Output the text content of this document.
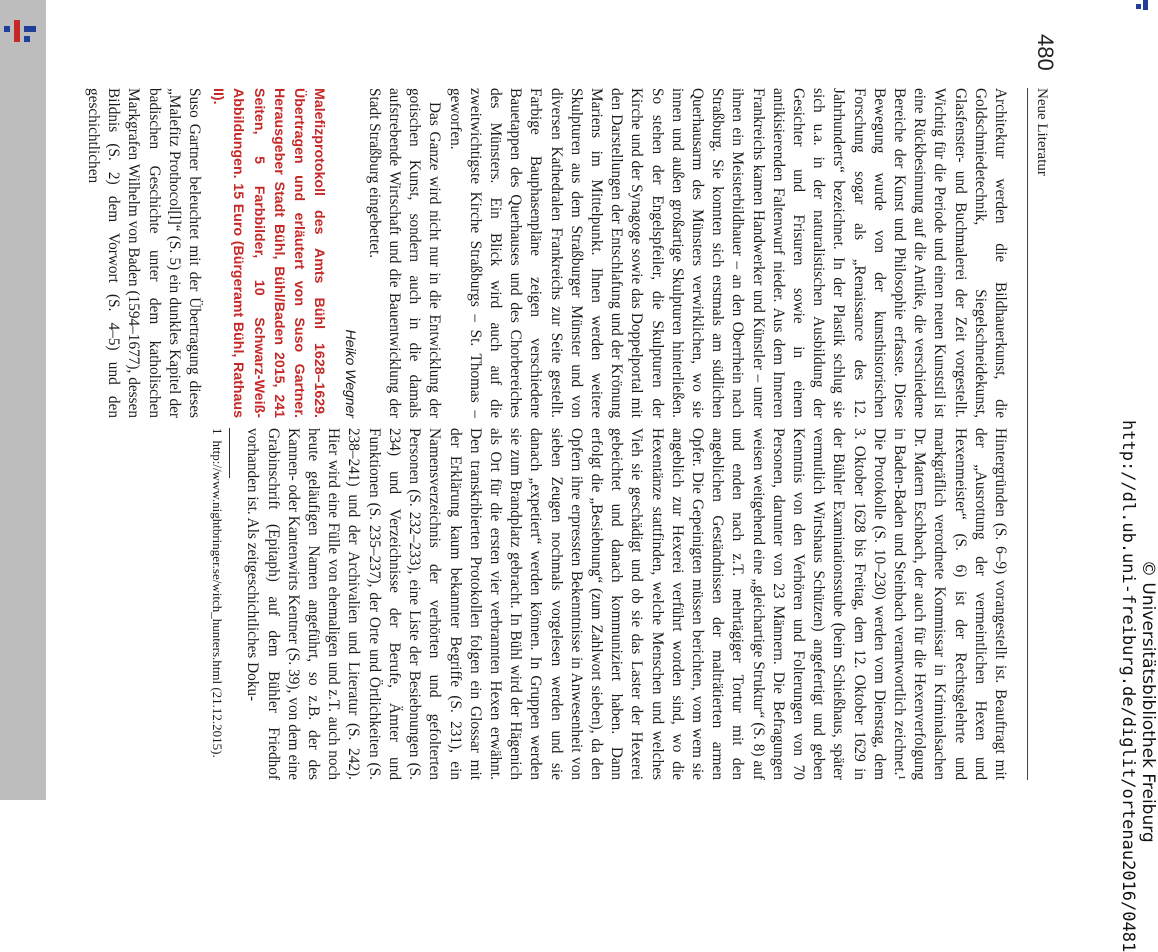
480
Neue Literatur

Architektur werden die Bildhauerkunst, die Goldschmiedetechnik, Siegelschneidekunst, Glasfenster- und Buchmalerei der Zeit vorgestellt. Wichtig für die Periode und einen neuen Kunststil ist eine Rückbesinnung auf die Antike, die verschiedene Bereiche der Kunst und Philosophie erfasste. Diese Bewegung wurde von der kunsthistorischen Forschung sogar als „Renaissance des 12. Jahrhunderts“ bezeichnet. In der Plastik schlug sie sich u.a. in der naturalistischen Ausbildung der Gesichter und Frisuren sowie in einem antikisierenden Faltenwurf nieder. Aus dem Inneren Frankreichs kamen Handwerker und Künstler – unter ihnen ein Meisterbildhauer – an den Oberrhein nach Straßburg. Sie konnten sich erstmals am südlichen Querhausarm des Münsters verwirklichen, wo sie innen und außen großartige Skulpturen hinterließen. So stehen der Engelspfeiler, die Skulpturen der Kirche und der Synagoge sowie das Doppelportal mit den Darstellungen der Entschlafung und der Krönung Mariens im Mittelpunkt. Ihnen werden weitere Skulpturen aus dem Straßburger Münster und von diversen Kathedralen Frankreichs zur Seite gestellt. Farbige Bauphasenpläne zeigen verschiedene Bauetappen des Querhauses und des Chorbereiches des Münsters. Ein Blick wird auch auf die zweitwichtigste Kirche Straßburgs – St. Thomas – geworfen.

Das Ganze wird nicht nur in die Entwicklung der gotischen Kunst, sondern auch in die damals aufstrebende Wirtschaft und die Bauentwicklung der Stadt Straßburg eingebettet.

Heiko Wegner
Malefizprotokoll des Amts Bühl 1628–1629. Übertragen und erläutert von Suso Gartner. Herausgeber Stadt Bühl, Bühl/Baden 2015, 241 Seiten, 5 Farbbilder, 10 Schwarz-Weiß-Abbildungen. 15 Euro (Bürgeramt Bühl, Rathaus II).

Suso Gartner beleuchtet mit der Übertragung dieses „Malefitz Prothocol[l]“ (S. 5) ein dunkles Kapitel der badischen Geschichte unter dem katholischen Markgrafen Wilhelm von Baden (1594–1677), dessen Bildnis (S. 2) dem Vorwort (S. 4–5) und den geschichtlichen

Hintergründen (S. 6–9) vorangestellt ist. Beauftragt mit der „Ausrottung der vermeintlichen Hexen und Hexenmeister“ (S. 6) ist der Rechtsgelehrte und markgräflich verordnete Kommissar in Kriminalsachen Dr. Matern Eschbach, der auch für die Hexenverfolgung in Baden-Baden und Steinbach verantwortlich zeichnet.¹ Die Protokolle (S. 10–230) werden vom Dienstag, dem 3. Oktober 1628 bis Freitag, dem 12. Oktober 1629 in der Bühler Examinationsstube (beim Schießhaus, später vermutlich Wirtshaus Schützen) angefertigt und geben Kenntnis von den Verhören und Folterungen von 70 Personen, darunter von 23 Männern. Die Befragungen weisen weitgehend eine „gleichartige Struktur“ (S. 8) auf und enden nach z.T. mehrtägiger Tortur mit den angeblichen Geständnissen der malträtierten armen Opfer. Die Gepeinigten müssen berichten, vom wem sie angeblich zur Hexerei verführt worden sind, wo die Hexentänze stattfinden, welche Menschen und welches Vieh sie geschädigt und ob sie das Laster der Hexerei gebeichtet und danach kommuniziert haben. Dann erfolgt die „Besiebnung“ (zum Zahlwort sieben), da den Opfern ihre erpressten Bekenntnisse in Anwesenheit von sieben Zeugen nochmals vorgelesen werden und sie danach „expetiert“ werden können. In Gruppen werden sie zum Brandplatz gebracht. In Bühl wird der Hägenich als Ort für die ersten vier verbrannten Hexen erwähnt. Den transkribierten Protokollen folgen ein Glossar mit der Erklärung kaum bekannter Begriffe (S. 231), ein Namensverzeichnis der verhörten und gefolterten Personen (S. 232–233), eine Liste der Besiebnungen (S. 234) und Verzeichnisse der Berufe, Ämter und Funktionen (S. 235–237), der Orte und Örtlichkeiten (S. 238–241) und der Archivalien und Literatur (S. 242). Hier wird eine Fülle von ehemaligen und z.T. auch noch heute geläufigen Namen angeführt, so z.B. der des Kannen- oder Kantenwirts Kentner (S. 39), von dem eine Grabinschrift (Epitaph) auf dem Bühler Friedhof vorhanden ist. Als zeitgeschichtliches Doku-

1
http://www.nightbringer.se/witch_hunters.html (21.12.2015).	http://dl.ub.uni-freiburg.de/diglit/ortenau2016/0481 © Universitätsbibliothek Freiburg
